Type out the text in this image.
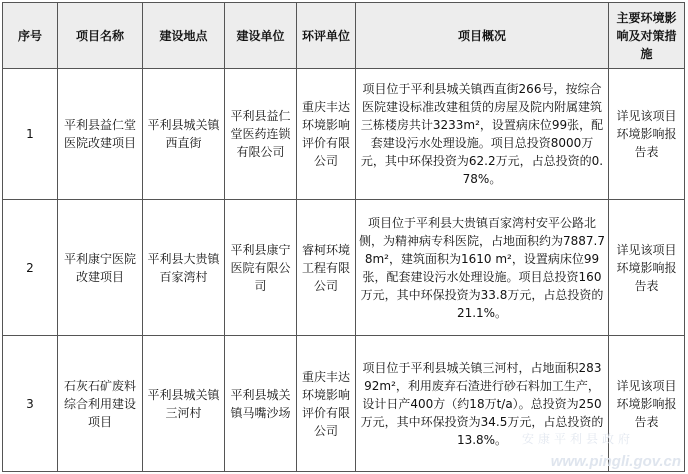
序号	项目名称	建设地点	建设单位	环评单位	项目概况	主要环境影响及对策措施
1	平利县益仁堂医院改建项目	平利县城关镇西直街	平利县益仁堂医药连锁有限公司	重庆丰达环境影响评价有限公司	项目位于平利县城关镇西直街266号，按综合医院建设标准改建租赁的房屋及院内附属建筑三栋楼房共计3233m²，设置病床位99张，配套建设污水处理设施。项目总投资8000万元，其中环保投资为62.2万元，占总投资的0.78%。	详见该项目环境影响报告表
2	平利康宁医院改建项目	平利县大贵镇百家湾村	平利县康宁医院有限公司	睿柯环境工程有限公司	项目位于平利县大贵镇百家湾村安平公路北侧，为精神病专科医院，占地面积约为7887.78m²，建筑面积为1610 m²，设置病床位99张，配套建设污水处理设施。项目总投资160万元，其中环保投资为33.8万元，占总投资的21.1%。	详见该项目环境影响报告表
3	石灰石矿废料综合利用建设项目	平利县城关镇三河村	平利县城关镇马嘴沙场	重庆丰达环境影响评价有限公司	项目位于平利县城关镇三河村，占地面积28392m²，利用废弃石渣进行砂石料加工生产，设计日产400方（约18万t/a）。总投资为250万元，其中环保投资为34.5万元，占总投资的13.8%。	详见该项目环境影响报告表
安康平利县政府
www.pingli.gov.cn
